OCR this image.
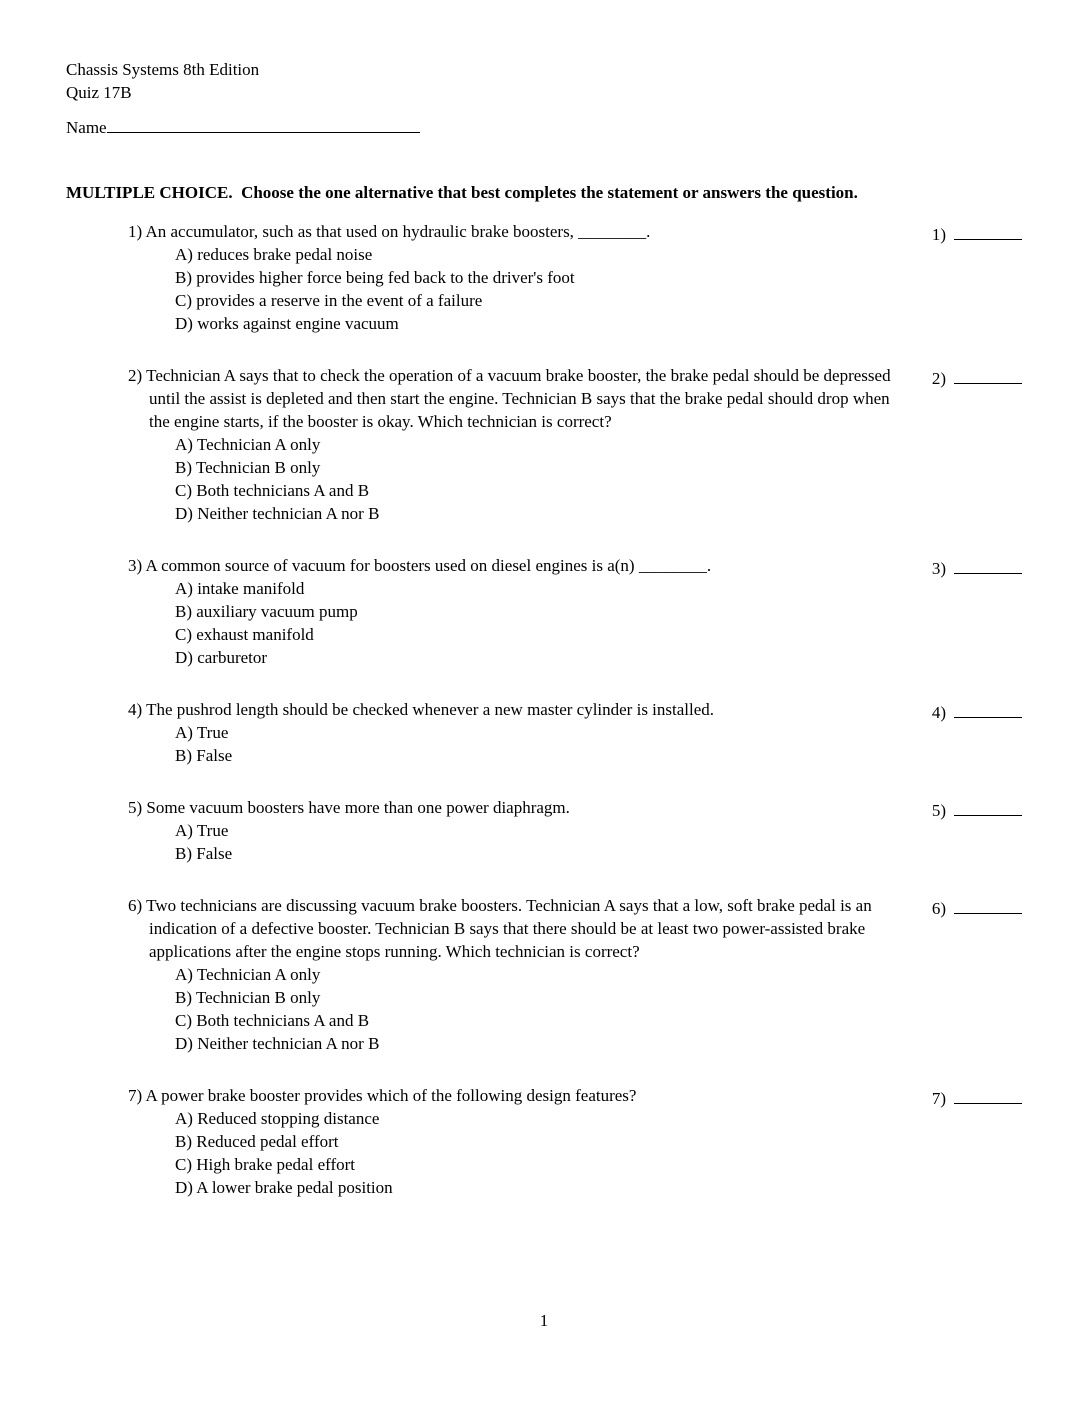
Chassis Systems 8th Edition
Quiz 17B
Name
MULTIPLE CHOICE.  Choose the one alternative that best completes the statement or answers the question.
1) An accumulator, such as that used on hydraulic brake boosters, ________.
A) reduces brake pedal noise
B) provides higher force being fed back to the driver's foot
C) provides a reserve in the event of a failure
D) works against engine vacuum
1)
2) Technician A says that to check the operation of a vacuum brake booster, the brake pedal should be depressed until the assist is depleted and then start the engine. Technician B says that the brake pedal should drop when the engine starts, if the booster is okay. Which technician is correct?
A) Technician A only
B) Technician B only
C) Both technicians A and B
D) Neither technician A nor B
2)
3) A common source of vacuum for boosters used on diesel engines is a(n) ________.
A) intake manifold
B) auxiliary vacuum pump
C) exhaust manifold
D) carburetor
3)
4) The pushrod length should be checked whenever a new master cylinder is installed.
A) True
B) False
4)
5) Some vacuum boosters have more than one power diaphragm.
A) True
B) False
5)
6) Two technicians are discussing vacuum brake boosters. Technician A says that a low, soft brake pedal is an indication of a defective booster. Technician B says that there should be at least two power-assisted brake applications after the engine stops running. Which technician is correct?
A) Technician A only
B) Technician B only
C) Both technicians A and B
D) Neither technician A nor B
6)
7) A power brake booster provides which of the following design features?
A) Reduced stopping distance
B) Reduced pedal effort
C) High brake pedal effort
D) A lower brake pedal position
7)
1
